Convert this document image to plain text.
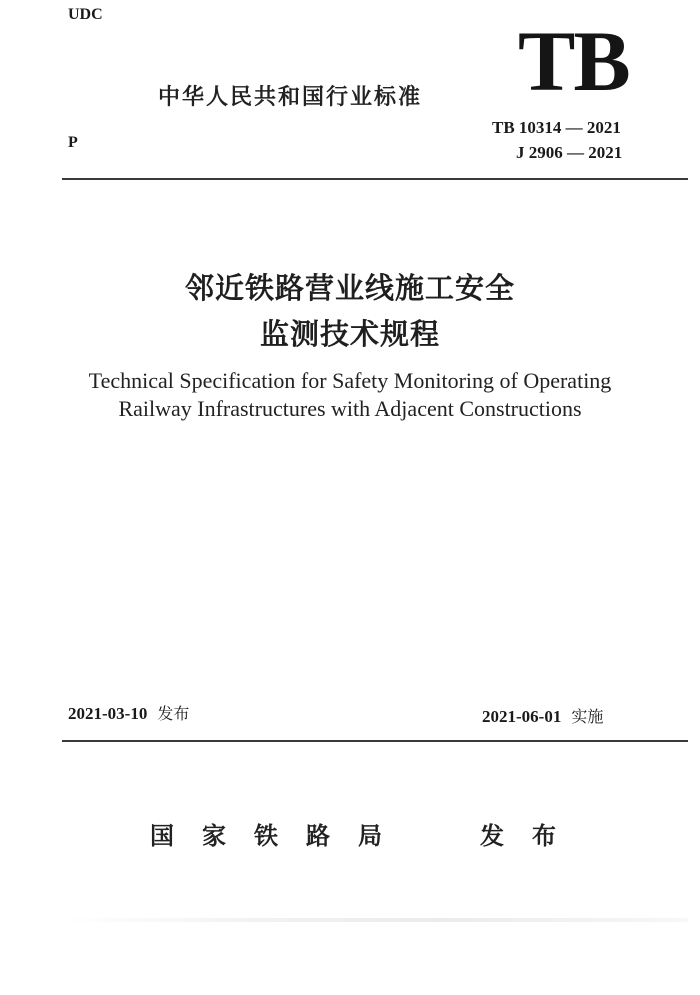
UDC
P
中华人民共和国行业标准 TB
TB 10314 — 2021
J 2906 — 2021
邻近铁路营业线施工安全
监测技术规程
Technical Specification for Safety Monitoring of Operating
Railway Infrastructures with Adjacent Constructions
2021-03-10 发布	2021-06-01 实施
国家铁路局	发布
